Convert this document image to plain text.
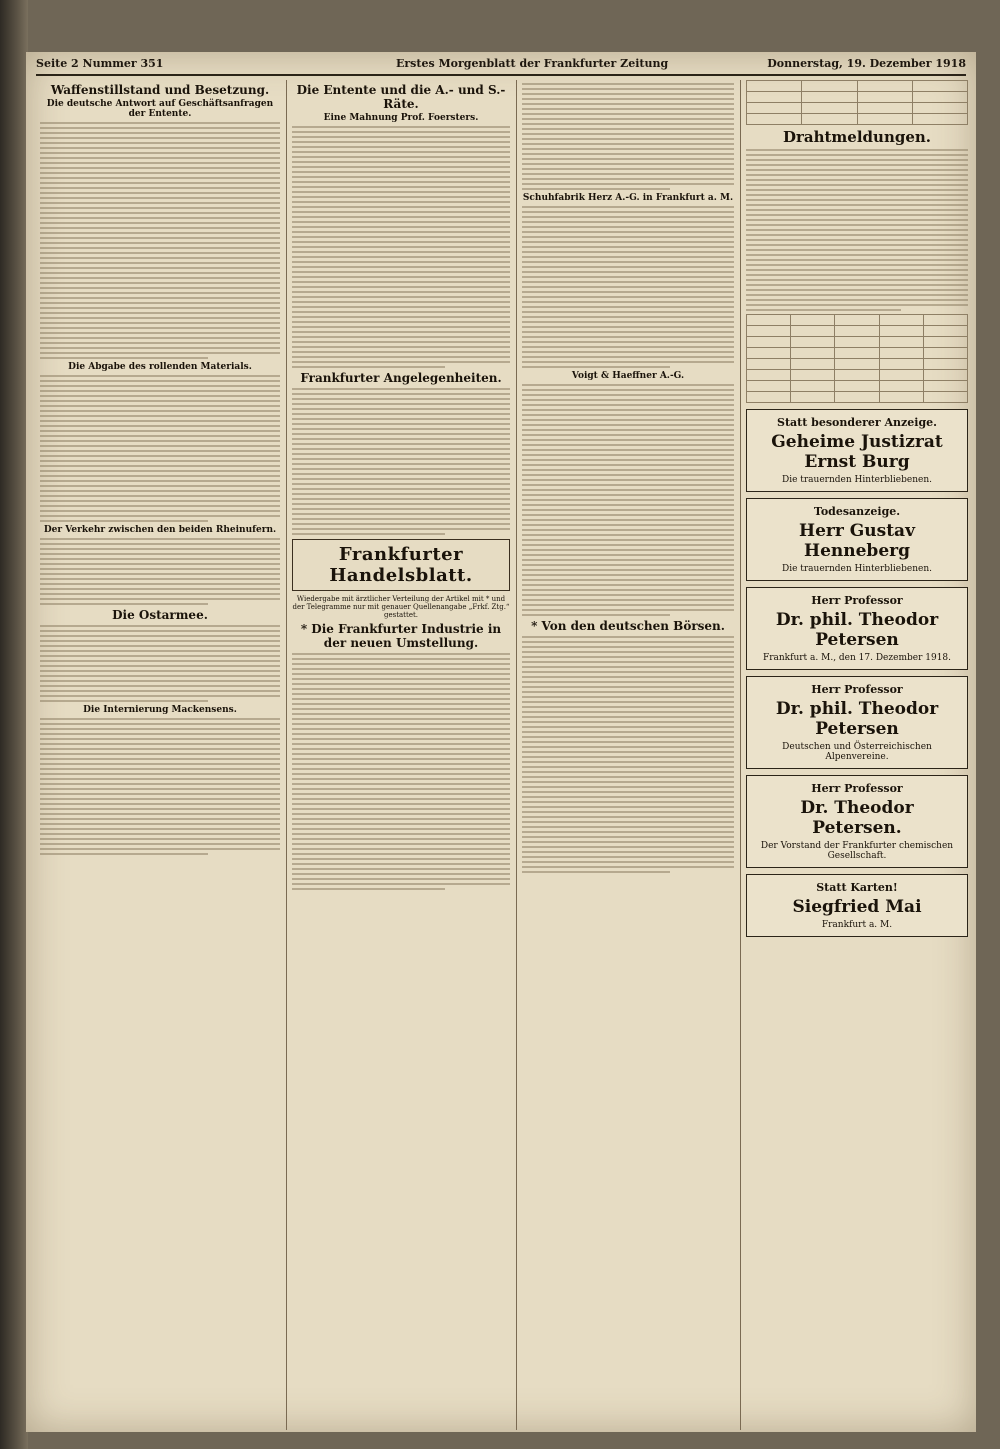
Seite 2 Nummer 351	Erstes Morgenblatt der Frankfurter Zeitung	Donnerstag, 19. Dezember 1918
Waffenstillstand und Besetzung.
Die deutsche Antwort auf Geschäftsanfragen der Entente.
Die Abgabe des rollenden Materials.
Der Verkehr zwischen den beiden Rheinufern.
Die Ostarmee.
Die Internierung Mackensens.
Die Entente und die A.- und S.-Räte.
Eine Mahnung Prof. Foersters.
Frankfurter Angelegenheiten.
Frankfurter Handelsblatt.
Wiedergabe mit ärztlicher Verteilung der Artikel mit * und der Telegramme nur mit genauer Quellenangabe „Frkf. Ztg.“ gestattet.
* Die Frankfurter Industrie in der neuen Umstellung.
Schuhfabrik Herz A.-G. in Frankfurt a. M.
Voigt & Haeffner A.-G.
* Von den deutschen Börsen.

Drahtmeldungen.

Statt besonderer Anzeige.
Geheime Justizrat Ernst Burg
Die trauernden Hinterbliebenen.
Todesanzeige.
Herr Gustav Henneberg
Die trauernden Hinterbliebenen.
Herr Professor
Dr. phil. Theodor Petersen
Frankfurt a. M., den 17. Dezember 1918.
Herr Professor
Dr. phil. Theodor Petersen
Deutschen und Österreichischen Alpenvereine.
Herr Professor
Dr. Theodor Petersen.
Der Vorstand der Frankfurter chemischen Gesellschaft.
Statt Karten!
Siegfried Mai
Frankfurt a. M.
